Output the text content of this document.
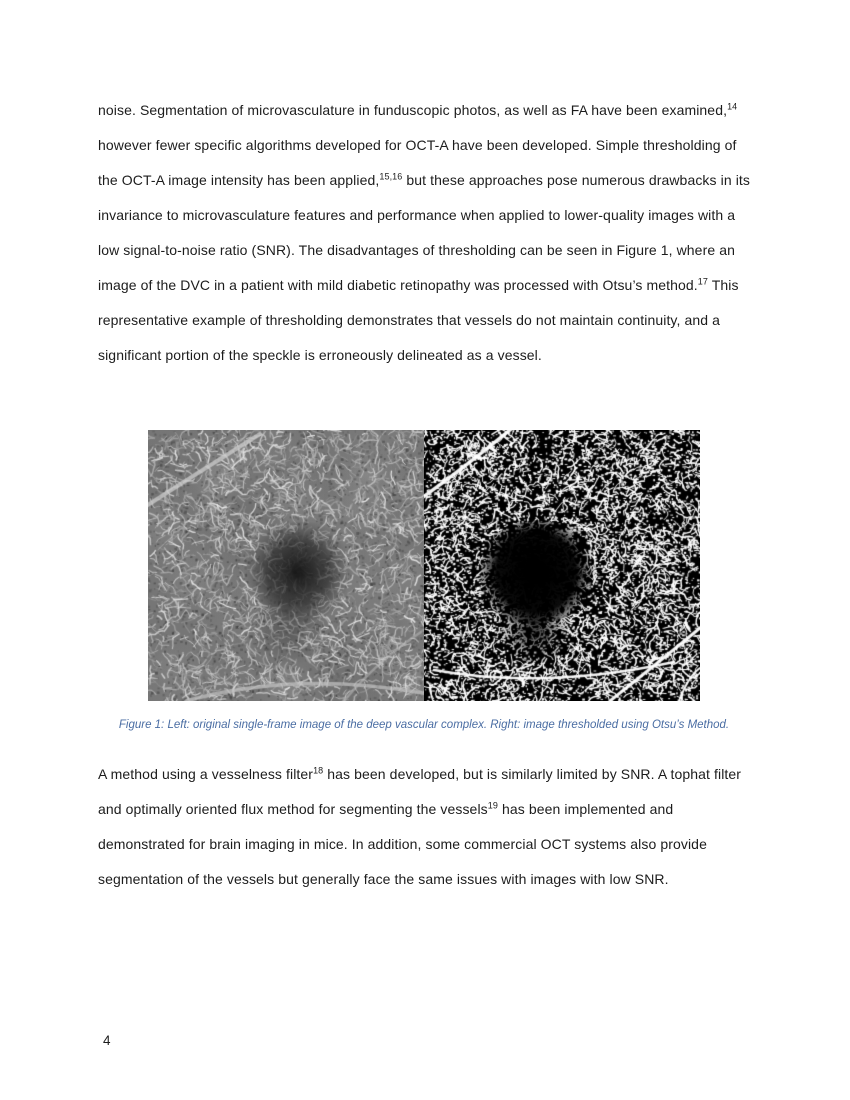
noise. Segmentation of microvasculature in funduscopic photos, as well as FA have been examined,$^{14}$ however fewer specific algorithms developed for OCT-A have been developed. Simple thresholding of the OCT-A image intensity has been applied,$^{15,16}$ but these approaches pose numerous drawbacks in its invariance to microvasculature features and performance when applied to lower-quality images with a low signal-to-noise ratio (SNR). The disadvantages of thresholding can be seen in Figure 1, where an image of the DVC in a patient with mild diabetic retinopathy was processed with Otsu’s method.$^{17}$ This representative example of thresholding demonstrates that vessels do not maintain continuity, and a significant portion of the speckle is erroneously delineated as a vessel.

Figure 1: Left: original single-frame image of the deep vascular complex. Right: image thresholded using Otsu’s Method.

A method using a vesselness filter$^{18}$ has been developed, but is similarly limited by SNR. A tophat filter and optimally oriented flux method for segmenting the vessels$^{19}$ has been implemented and demonstrated for brain imaging in mice. In addition, some commercial OCT systems also provide segmentation of the vessels but generally face the same issues with images with low SNR.

4
